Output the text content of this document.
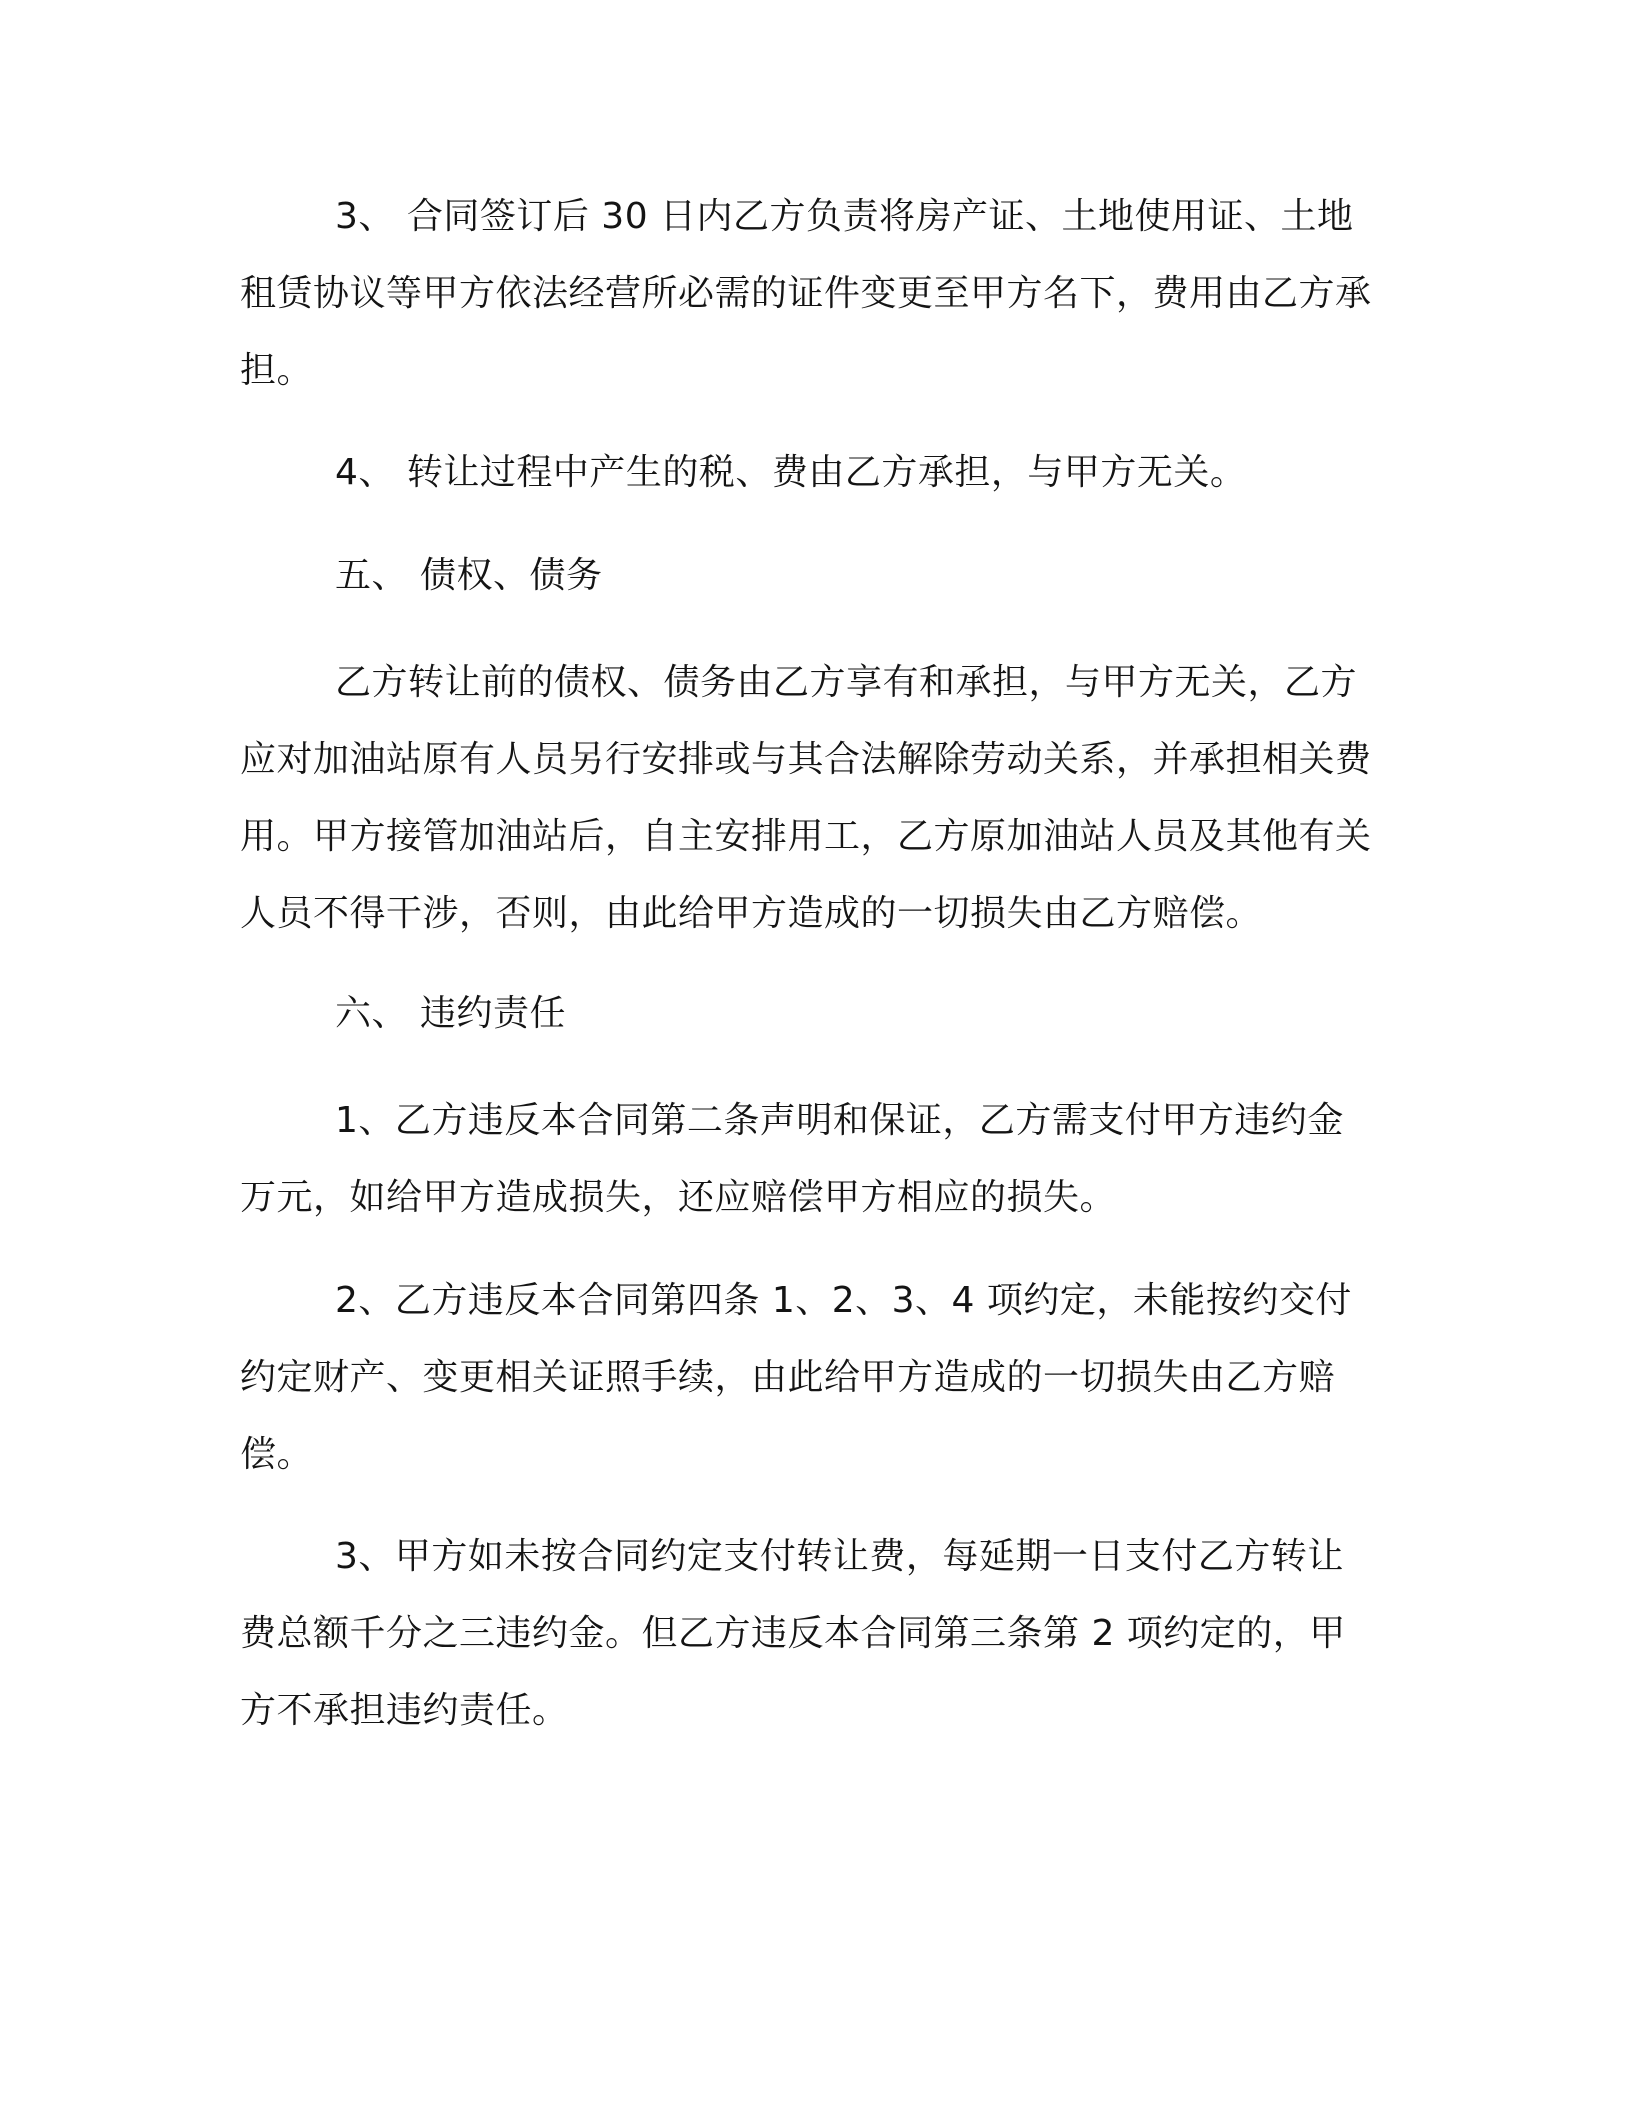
3、 合同签订后 30 日内乙方负责将房产证、土地使用证、土地租赁协议等甲方依法经营所必需的证件变更至甲方名下，费用由乙方承担。

4、 转让过程中产生的税、费由乙方承担，与甲方无关。

五、 债权、债务

乙方转让前的债权、债务由乙方享有和承担，与甲方无关，乙方应对加油站原有人员另行安排或与其合法解除劳动关系，并承担相关费用。甲方接管加油站后，自主安排用工，乙方原加油站人员及其他有关人员不得干涉，否则，由此给甲方造成的一切损失由乙方赔偿。

六、 违约责任

1、乙方违反本合同第二条声明和保证，乙方需支付甲方违约金万元，如给甲方造成损失，还应赔偿甲方相应的损失。

2、乙方违反本合同第四条 1、2、3、4 项约定，未能按约交付约定财产、变更相关证照手续，由此给甲方造成的一切损失由乙方赔偿。

3、甲方如未按合同约定支付转让费，每延期一日支付乙方转让费总额千分之三违约金。但乙方违反本合同第三条第 2 项约定的，甲方不承担违约责任。
